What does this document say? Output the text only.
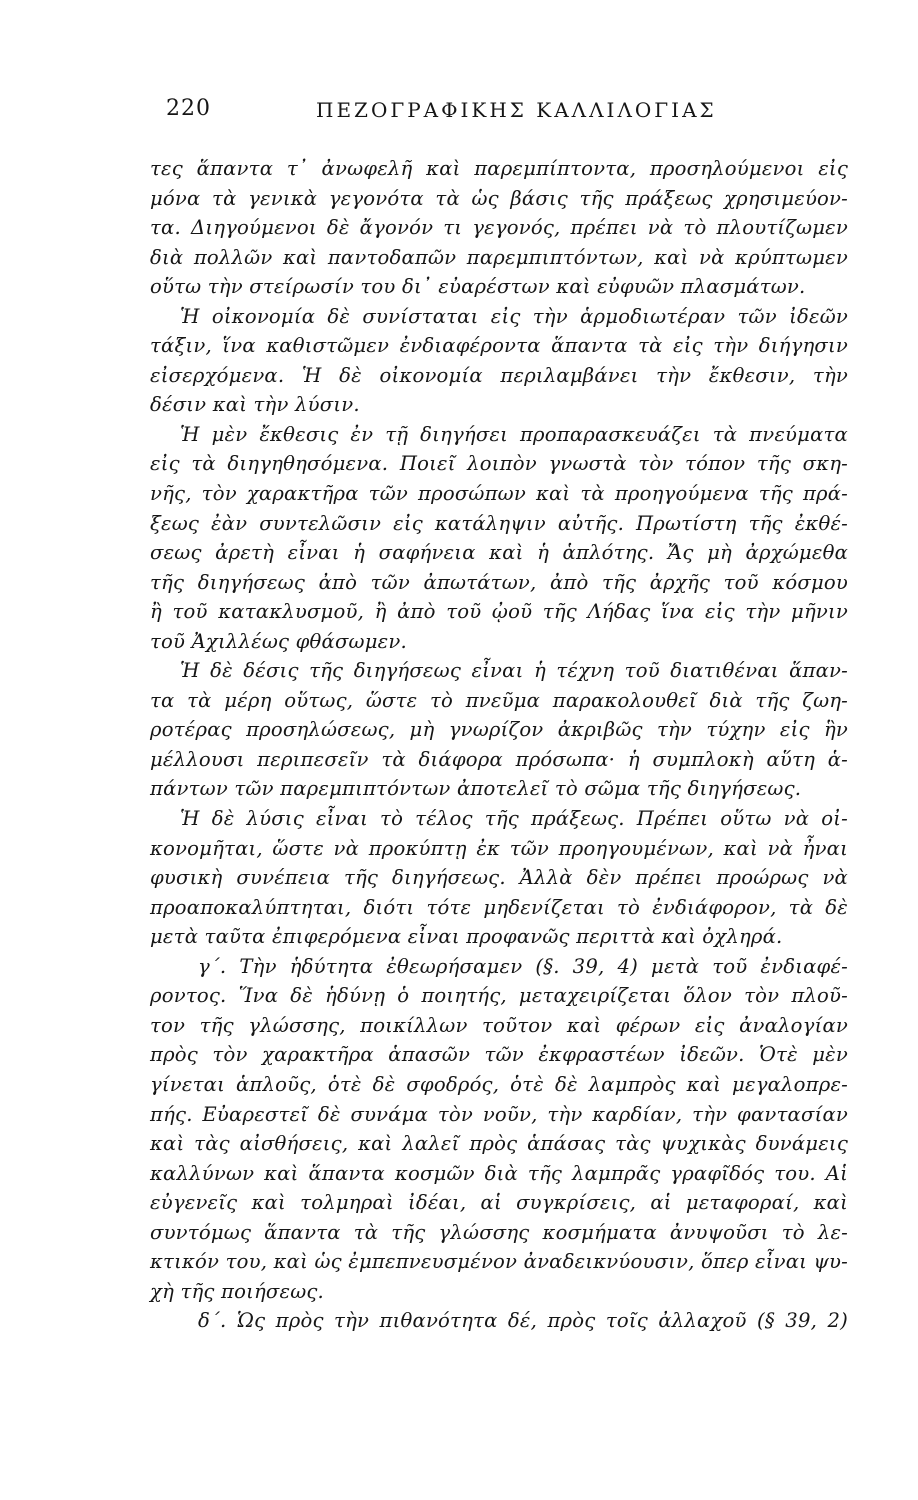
220	ΠΕΖΟΓΡΑΦΙΚΗΣ ΚΑΛΛΙΛΟΓΙΑΣ
τες ἅπαντα τ᾽ ἀνωφελῆ καὶ παρεμπίπτοντα, προσηλούμενοι εἰς
μόνα τὰ γενικὰ γεγονότα τὰ ὡς βάσις τῆς πράξεως χρησιμεύον-
τα. Διηγούμενοι δὲ ἄγονόν τι γεγονός, πρέπει νὰ τὸ πλουτίζωμεν
διὰ πολλῶν καὶ παντοδαπῶν παρεμπιπτόντων, καὶ νὰ κρύπτωμεν
οὕτω τὴν στείρωσίν του δι᾽ εὐαρέστων καὶ εὐφυῶν πλασμάτων.
Ἡ οἰκονομία δὲ συνίσταται εἰς τὴν ἁρμοδιωτέραν τῶν ἰδεῶν
τάξιν, ἵνα καθιστῶμεν ἐνδιαφέροντα ἅπαντα τὰ εἰς τὴν διήγησιν
εἰσερχόμενα. Ἡ δὲ οἰκονομία περιλαμβάνει τὴν ἔκθεσιν, τὴν
δέσιν καὶ τὴν λύσιν.
Ἡ μὲν ἔκθεσις ἐν τῇ διηγήσει προπαρασκευάζει τὰ πνεύματα
εἰς τὰ διηγηθησόμενα. Ποιεῖ λοιπὸν γνωστὰ τὸν τόπον τῆς σκη-
νῆς, τὸν χαρακτῆρα τῶν προσώπων καὶ τὰ προηγούμενα τῆς πρά-
ξεως ἐὰν συντελῶσιν εἰς κατάληψιν αὐτῆς. Πρωτίστη τῆς ἐκθέ-
σεως ἀρετὴ εἶναι ἡ σαφήνεια καὶ ἡ ἁπλότης. Ἄς μὴ ἀρχώμεθα
τῆς διηγήσεως ἀπὸ τῶν ἀπωτάτων, ἀπὸ τῆς ἀρχῆς τοῦ κόσμου
ἢ τοῦ κατακλυσμοῦ, ἢ ἀπὸ τοῦ ᾠοῦ τῆς Λήδας ἵνα εἰς τὴν μῆνιν
τοῦ Ἀχιλλέως φθάσωμεν.
Ἡ δὲ δέσις τῆς διηγήσεως εἶναι ἡ τέχνη τοῦ διατιθέναι ἅπαν-
τα τὰ μέρη οὕτως, ὥστε τὸ πνεῦμα παρακολουθεῖ διὰ τῆς ζωη-
ροτέρας προσηλώσεως, μὴ γνωρίζον ἀκριβῶς τὴν τύχην εἰς ἣν
μέλλουσι περιπεσεῖν τὰ διάφορα πρόσωπα· ἡ συμπλοκὴ αὕτη ἁ-
πάντων τῶν παρεμπιπτόντων ἀποτελεῖ τὸ σῶμα τῆς διηγήσεως.
Ἡ δὲ λύσις εἶναι τὸ τέλος τῆς πράξεως. Πρέπει οὕτω νὰ οἰ-
κονομῆται, ὥστε νὰ προκύπτῃ ἐκ τῶν προηγουμένων, καὶ νὰ ἦναι
φυσικὴ συνέπεια τῆς διηγήσεως. Ἀλλὰ δὲν πρέπει προώρως νὰ
προαποκαλύπτηται, διότι τότε μηδενίζεται τὸ ἐνδιάφορον, τὰ δὲ
μετὰ ταῦτα ἐπιφερόμενα εἶναι προφανῶς περιττὰ καὶ ὀχληρά.
γ΄. Τὴν ἡδύτητα ἐθεωρήσαμεν (§. 39, 4) μετὰ τοῦ ἐνδιαφέ-
ροντος. Ἵνα δὲ ἡδύνῃ ὁ ποιητής, μεταχειρίζεται ὅλον τὸν πλοῦ-
τον τῆς γλώσσης, ποικίλλων τοῦτον καὶ φέρων εἰς ἀναλογίαν
πρὸς τὸν χαρακτῆρα ἁπασῶν τῶν ἐκφραστέων ἰδεῶν. Ὁτὲ μὲν
γίνεται ἁπλοῦς, ὁτὲ δὲ σφοδρός, ὁτὲ δὲ λαμπρὸς καὶ μεγαλοπρε-
πής. Εὐαρεστεῖ δὲ συνάμα τὸν νοῦν, τὴν καρδίαν, τὴν φαντασίαν
καὶ τὰς αἰσθήσεις, καὶ λαλεῖ πρὸς ἁπάσας τὰς ψυχικὰς δυνάμεις
καλλύνων καὶ ἅπαντα κοσμῶν διὰ τῆς λαμπρᾶς γραφῖδός του. Αἱ
εὐγενεῖς καὶ τολμηραὶ ἰδέαι, αἱ συγκρίσεις, αἱ μεταφοραί, καὶ
συντόμως ἅπαντα τὰ τῆς γλώσσης κοσμήματα ἀνυψοῦσι τὸ λε-
κτικόν του, καὶ ὡς ἐμπεπνευσμένον ἀναδεικνύουσιν, ὅπερ εἶναι ψυ-
χὴ τῆς ποιήσεως.
δ΄. Ὡς πρὸς τὴν πιθανότητα δέ, πρὸς τοῖς ἀλλαχοῦ (§ 39, 2)
